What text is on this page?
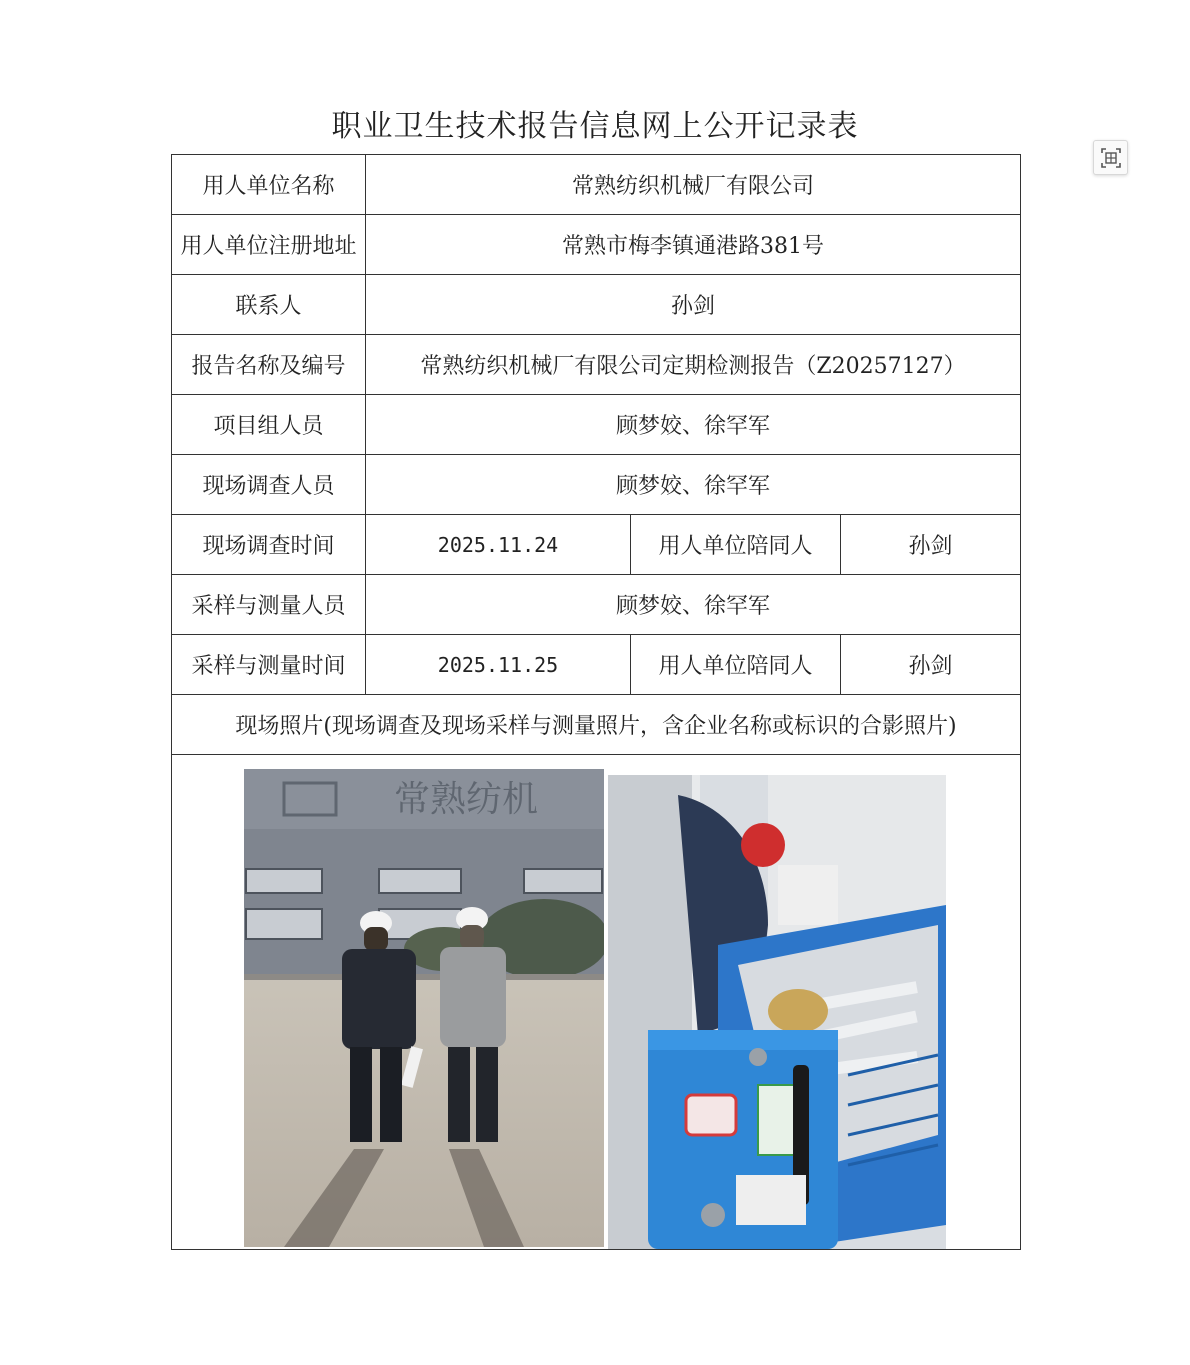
职业卫生技术报告信息网上公开记录表
用人单位名称	常熟纺织机械厂有限公司		
用人单位注册地址	常熟市梅李镇通港路381号		
联系人	孙剑		
报告名称及编号	常熟纺织机械厂有限公司定期检测报告（Z20257127）		
项目组人员	顾梦姣、徐罕军		
现场调查人员	顾梦姣、徐罕军		
现场调查时间	2025.11.24	用人单位陪同人	孙剑
采样与测量人员	顾梦姣、徐罕军		
采样与测量时间	2025.11.25	用人单位陪同人	孙剑
现场照片(现场调查及现场采样与测量照片，含企业名称或标识的合影照片)			

常熟纺机			
